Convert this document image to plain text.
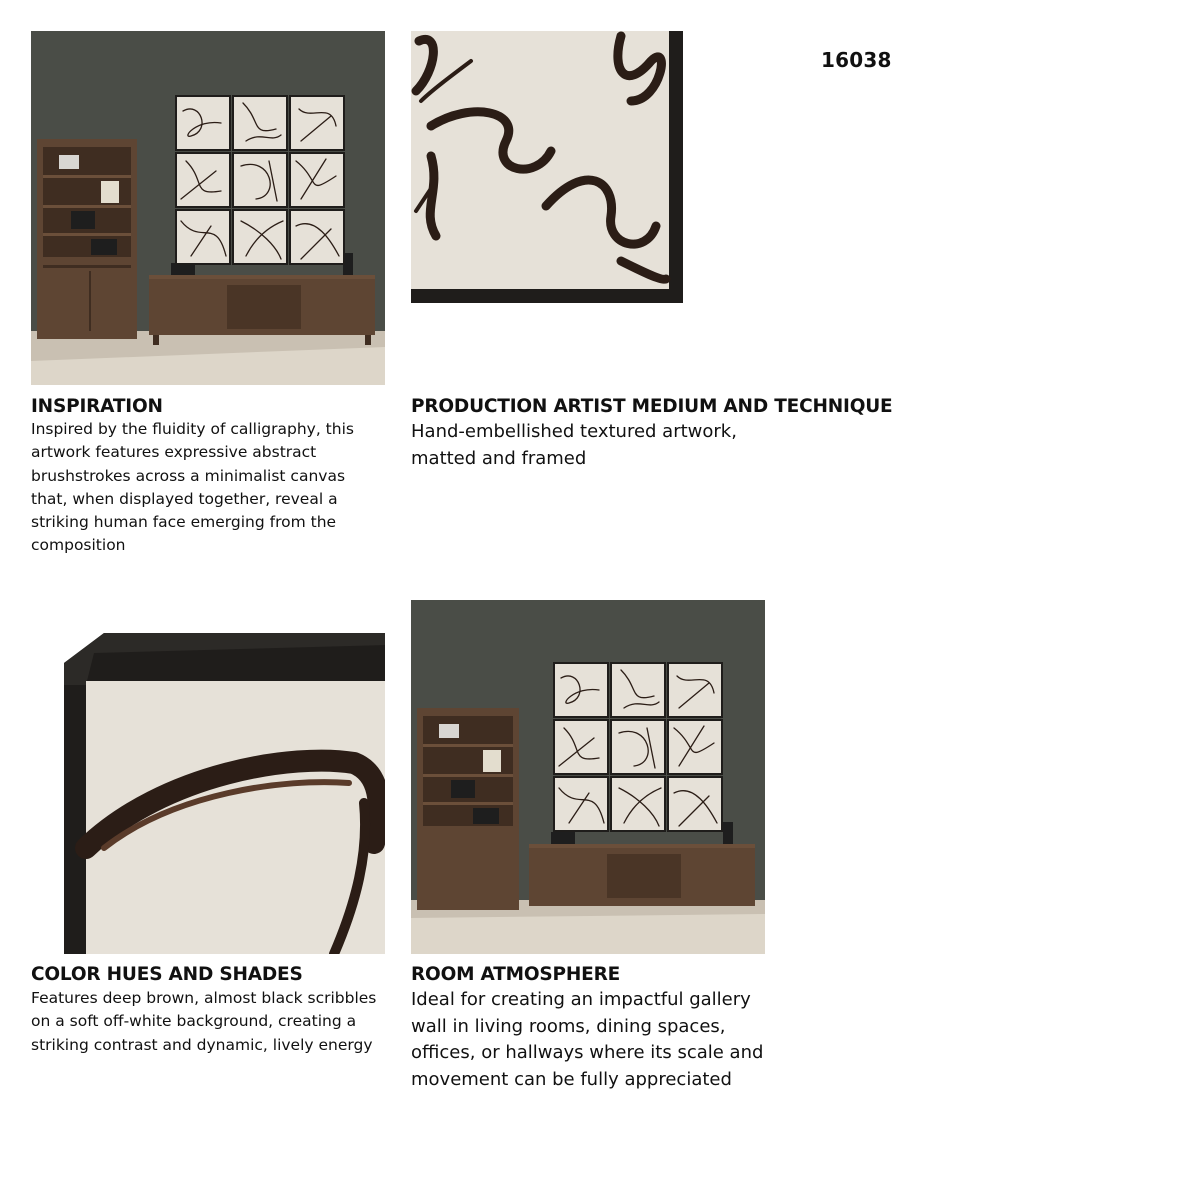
16038
INSPIRATION
Inspired by the fluidity of calligraphy, this artwork features expressive abstract brushstrokes across a minimalist canvas that, when displayed together, reveal a striking human face emerging from the composition
PRODUCTION ARTIST MEDIUM AND TECHNIQUE
Hand-embellished textured artwork,
matted and framed
COLOR HUES AND SHADES
Features deep brown, almost black scribbles on a soft off-white background, creating a striking contrast and dynamic, lively energy
ROOM ATMOSPHERE
Ideal for creating an impactful gallery
wall in living rooms, dining spaces,
offices, or hallways where its scale and
movement can be fully appreciated
